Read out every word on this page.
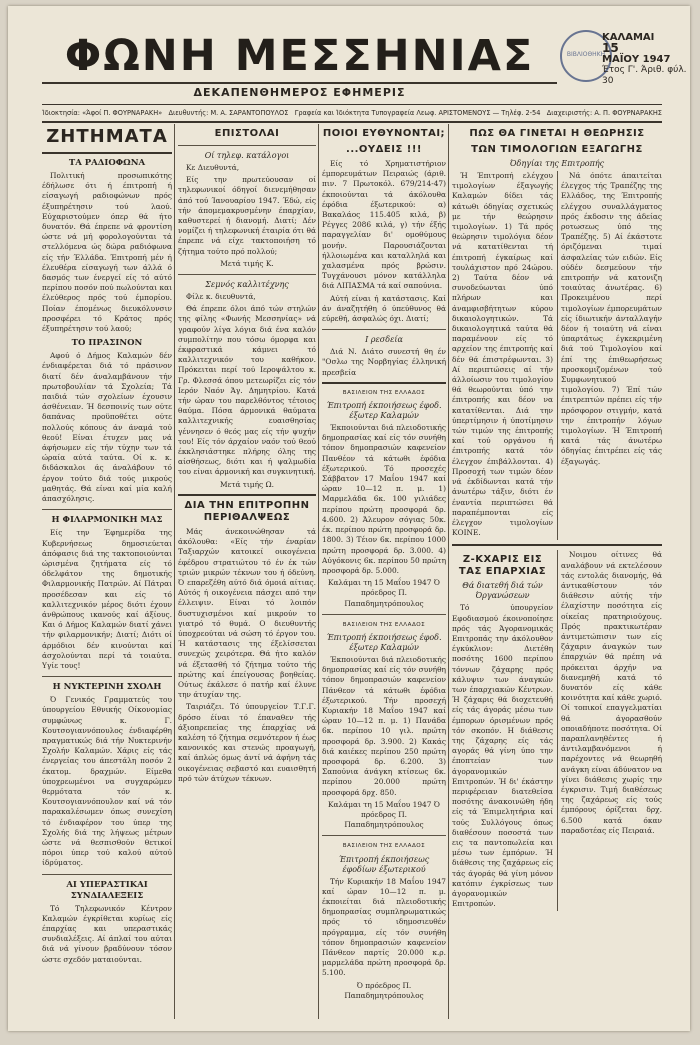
ΦΩΝΗ ΜΕΣΣΗΝΙΑΣ
ΔΕΚΑΠΕΝΘΗΜΕΡΟΣ ΕΦΗΜΕΡΙΣ
ΒΙΒΛΙΟΘΗΚΗ
ΚΑΛΑΜΑΙ
15
ΜΑΪΟΥ 1947
Έτος Γ'. Άριθ. φύλ. 30
Ίδιοκτησία: «Άφοί Π. ΦΟΥΡΝΑΡΑΚΗ» Διευθυντής: Μ. Α. ΣΑΡΑΝΤΟΠΟΥΛΟΣ Γραφεία και Ίδιόκτητα Τυπογραφεία Λεωφ. ΑΡΙΣΤΟΜΕΝΟΥΣ — Τηλέφ. 2-54 Διαχειριστής: Α. Π. ΦΟΥΡΝΑΡΑΚΗΣ
ΖΗΤΗΜΑΤΑ
ΤΑ ΡΑΔΙΟΦΩΝΑ

Πολιτική προσωπικότης έδήλωσε ότι ή έπιτροπή ή είσαγωγή ραδιοφώνων πρός έξυπηρέτησιν τού λαού. Εύχαριστούμεν όπερ θά ήτο δυνατόν. Θά έπρεπε νά φροντίση ώστε νά μή φορολογούνται τά στελλόμενα ώς δώρα ραδιόφωνα είς τήν Έλλάδα. Έπιτροπή μέν ή έλευθέρα είσαγωγή των άλλά ό δασμός των ένεργεί είς τό αύτό περίπου ποσόν πού πωλούνται και έλεύθερος πρός τού έμπορίου. Ποίαν έπομένως διευκόλυνσιν προσφέρει τό Κράτος πρός έξυπηρέτησιν τού λαού;

ΤΟ ΠΡΑΣΙΝΟΝ

Αφού ό Δήμος Καλαμών δέν ένδιαφέρεται διά τό πράσινον διατί δέν άναλαμβάνουν τήν πρωτοβουλίαν τά Σχολεία; Τά παιδιά τών σχολείων έχουσιν άσθένειαν. Ή δεσποινίς των ούτε δαπάνας προϋποθέτει ούτε πολλούς κόπους άν άναμά τού θεού! Είναι έτυχεν μας νά άφήσωμεν είς τήν τύχην των τά ώραία αύτά ταύτα. Οί κ. κ. διδάσκαλοι άς άναλάβουν τό έργον τούτο διά τούς μικρούς μαθητάς. Θά είναι καί μία καλή άπασχόλησις.

Η ΦΙΛΑΡΜΟΝΙΚΗ ΜΑΣ

Είς την Έφημερίδα της Κυβερνήσεως δημοσιεύεται άπόφασις διά της τακτοποιούνται ώρισμένα ζητήματα είς τό όδελφάτον της δημοτικής Φιλαρμονικής Πατρών. Αί Πάτραι προσέδεσαν και είς τό καλλιτεχνικόν μέρος διότι έχουν άνθρώπους ικανούς καί άξίους. Και ό Δήμος Καλαμών διατί χάνει τήν φιλαρμονικήν; Διατί; Διότι οί άρμόδιοι δέν κινούνται καί άσχολούνται περί τά τοιαύτα. Υγίε τους!

Η ΝΥΚΤΕΡΙΝΗ ΣΧΟΛΗ

Ό Γενικός Γραμματεύς του ύπουργείου Εθνικής Οίκονομίας συμφώνως κ. Γ. Κουτσογιαννόπουλος ένδιαφέρθη πραγματικώς διά τήν Νυκτερινήν Σχολήν Καλαμών. Χάρις είς τάς ένεργείας του άπεστάλη ποσόν 2 έκατομ. δραχμών. Είμεθα ύποχρεωμένοι να συγχαρώμεν θερμότατα τόν κ. Κουτσογιαννόπουλον καί νά τόν παρακαλέσωμεν όπως συνεχίση τό ένδιαφέρον του ύπερ της Σχολής διά της λήψεως μέτρων ώστε νά θεσπισθούν θετικοί πόροι ύπερ τού καλού αύτού ίδρύματος.

ΑΙ ΥΠΕΡΑΣΤΙΚΑΙ ΣΥΝΔΙΑΛΕΞΕΙΣ

Τό Τηλεφωνικόν Κέντρον Καλαμών έγκρίθεται κυρίως είς έπαρχίας και υπεραστικάς συνδιαλέξεις. Αί άπλαί του αύται διά νά γίνουν βραδύνουν τόσον ώστε σχεδόν ματαιούνται.

ΕΠΙΣΤΟΛΑΙ
Οί τηλεφ. κατάλογοι

Κε Διευθυντά,

Είς την πρωτεύουσαν οί τηλεφωνικοί όδηγοί διενεμήθησαν άπό τού Ίανουαρίου 1947. Έδώ, είς τήν άπομεμακρυσμένην έπαρχίαν, καθυστερεί ή διανομή. Διατί; Δέν νομίζει ή τηλεφωνική έταιρία ότι θά έπρεπε νά είχε τακτοποιήση τό ζήτημα τούτο πρό πολλού;

Μετά τιμής Κ.

Σεμνός καλλιτέχνης

Φίλε κ. διευθυντά,

Θά έπρεπε όλοι άπό τών στηλών της φίλης «Φωνής Μεσσηνίας» νά γραφούν λίγα λόγια διά ένα καλόν συμπολίτην που τόσω όμορφα και έκφραστικά κάμνει τό καλλιτεχνικόν του καθήκον. Πρόκειται περί τού Ιεροψάλτου κ. Γρ. Φλεσσά όπου μετεωρίζει είς τόν Ιερόν Ναόν Άγ. Δημητρίου. Κατά τήν ώραν του παρελθόντος τέτοιος θαύμα. Πόσα άρμονικά θαύματα καλλιτεχνικής ευαισθησίας γέννησεν ό θεός μας είς τήν ψυχήν του! Είς τόν άρχαίον ναόν τού θεού έκκλησιάστηκε πλήρης όλης της αίσθήσεως, διότι και ή ψαλμωδία του είναι άρμονική και συγκινητική.

Μετά τιμής Ω.

ΔΙΑ ΤΗΝ ΕΠΙΤΡΟΠΗΝ ΠΕΡΙΘΑΛΨΕΩΣ

Μάς άνεκοινώθησαν τά άκόλουθα: «Είς τήν έναρίαν Ταξιαρχών κατοικεί οικογένεια έφέδρου στρατιώτου τό έν έκ τών τριών μικρών τέκνων του ή όδεύνη. Ό επαρεζέθη αύτό διά όμοιά αίτιας. Αύτός ή οικογένεια πάσχει από την έλλειψιν. Είναι τό λοιπόν δυστυχισμένοι καί μικρούν το γιατρό τό θυμά. Ο διευθυντής ύποχρεούται νά σώση τό έργον του. Ή κατάστασις της έξελίσσεται συνεχώς χειρότερα. Θά ήτο καλόν νά έξετασθή τό ζήτημα τούτο τής πρώτης καί έπείγουσας βοηθείας. Ούτως έκάλεσε ό πατήρ καί έλυνε την άτυχίαν της.

Ταιριάζει. Τό ύπουργείον Τ.Γ.Γ. δρόσο έίναι τό έπαναθεν τής άξιοπρεπείας της έπαρχίας νά καλέση τό ζήτημα σεμνότερον ή έως κανονικός και στενώς προαγωγή, καί άπλώς όμως άντί νά άφήνη τάς οικογένειας σεβαστό και ευαισθητή πρό τών άτύχων τέκνων.

ΠΟΙΟΙ ΕΥΘΥΝΟΝΤΑΙ;
...ΟΥΔΕΙΣ !!!

Είς τό Χρηματιστήριον έμπορευμάτων Πειραιώς (άριθ. πιν. 7 Πρωτοκόλ. 679/214-47) έκποιούνται τά άκόλουθα έφόδια έξωτερικού: α) Βακαλάος 115.405 κιλά, β) Ρέγγες 2086 κιλά, γ) τήν έξής παραγγελίαν δι' ομοθύμους μονήν. Παρουσιάζονται ήλλοιωμένα και καταλληλά και χαλασμένα πρός βρώσιν. Τυγχάνουσι μόνον κατάλληλα διά ΛΙΠΑΣΜΑ τά καί σαπούνια.

Αύτή είναι ή κατάστασις. Καί άν άναζητήθη ό ύπεύθυνος θά εύρεθή, άσφαλώς όχι. Διατί;

Ι ρεσδεία

Διά Ν. Διάτο συνεστή θη έν "Οσλω της Νορβηγίας έλληνική πρεσβεία

ΒΑΣΙΛΕΙΟΝ ΤΗΣ ΕΛΛΑΔΟΣ
Έπιτροπή έκποιήσεως έφοδ. έξωτερ Καλαμών

Έκποιούνται διά πλειοδοτικής δημοπρασίας καί είς τόν συνήθη τόπον δημοπρασιών καφενείον Πανθέον τά κάτωθι έφόδια έξωτερικού. Τό προσεχές Σάββατον 17 Μαΐου 1947 καί ώραν 10—12 π. μ. 1) Μαρμελάδα 6κ. 100 γιλιάδες περίπου πρώτη προσφορά δρ. 4.600. 2) Άλευρον σόγιας 50κ. έκ. περίπου πρώτη προσφορά δρ. 1800. 3) Τέιον 6κ. περίπου 1000 πρώτη προσφορά δρ. 3.000. 4) Αύγόκονις 6κ. περίπου 50 πρώτη προσφορά δρ. 5.000.

Καλάμαι τη 15 Μαΐου 1947 Ό πρόεδρος Π. Παπαδημητρόπουλος

ΒΑΣΙΛΕΙΟΝ ΤΗΣ ΕΛΛΑΔΟΣ
Έπιτροπή έκποιήσεως έφοδ. έξωτερ Καλαμών

Έκποιούνται διά πλειοδοτικής δημοπρασίας καί είς τόν συνήθη τόπον δημοπρασιών καφενείον Πάνθεον τά κάτωθι έφόδια έξωτερικού. Τήν προσεχή Κυριακήν 18 Μαΐου 1947 καί ώραν 10—12 π. μ. 1) Πανάδα 6κ. περίπου 10 γιλ. πρώτη προσφορά δρ. 3.900. 2) Κακάς διά καιέκες περίπου 250 πρώτη προσφορά δρ. 6.200. 3) Σαπούνια άνάγκη κτίσεως 6κ. περίπου 20.000 πρώτη προσφορά δρχ. 850.

Καλάμαι τη 15 Μαΐου 1947 Ό πρόεδρος Π. Παπαδημητρόπουλος

ΒΑΣΙΛΕΙΟΝ ΤΗΣ ΕΛΛΑΔΟΣ
Έπιτροπή έκποιήσεως έφοδίων έξωτερικού

Τήν Κυριακήν 18 Μαΐου 1947 καί ώραν 10—12 π. μ. έκποιείται διά πλειοδοτικής δημοπρασίας συμπληρωματικώς πρός τό ιδημοσιευθέν πρόγραμμα, είς τόν συνήθη τόπον δημοπρασιών καφενείον Πάνθεον παρτίς 20.000 κ.ρ. μαρμελάδα πρώτη προσφορά δρ. 5.100.

Ό πρόεδρος Π. Παπαδημητρόπουλος

ΠΩΣ ΘΑ ΓΙΝΕΤΑΙ Η ΘΕΩΡΗΣΙΣ
ΤΩΝ ΤΙΜΟΛΟΓΙΩΝ ΕΞΑΓΩΓΗΣ
Όδηγίαι της Επιτροπής

Ή Έπιτροπή ελέγχου τιμολογίων έξαγωγής Καλαμών δίδει τάς κάτωθι όδηγίας σχετικώς με τήν θεώρησιν τιμολογίων. 1) Τά πρός θεώρησιν τιμολόγια δέον νά κατατίθενται τή έπιτροπή έγκαίρως καί τουλάχιστον πρό 24ώρου. 2) Ταύτα δέον νά συνοδεύωνται ύπό πλήρων και άναμφισβήτητων κύρου δικαιολογητικών. Τά δικαιολογητικά ταύτα θά παραμένουν είς τό αρχείον της έπιτροπής καί δέν θά έπιστρέφωνται. 3) Αί περιπτώσεις αί τήν άλλοίωσιν του τιμολογίου θά θεωρούνται ύπό την έπιτροπής και δέον να κατατίθενται. Διά την ύπερτίμησιν ή ύποτίμησιν τών τιμών της έπιτροπής καί τού οργάνου ή έπιτροπής κατά τόν έλεγχον έπιβάλλονται. 4) Προσοχή των τιμών δέον νά έκδίδωνται κατά τήν άνωτέρω τάξιν, διότι έν έναντία περιπτώσει θά παραπέμπονται είς έλεγχον τιμολογίων ΚΟΙΝΕ.

Νά όπότε άπαιτείται έλεγχος τής Τραπέζης της Ελλάδος, της Έπιτροπής ελέγχου συναλλάγματος πρός έκδοσιν της άδείας ροτωσεως ύπό της Τραπέζης. 5) Αί έκάστοτε όριζόμεναι τιμαί άσφαλείας τών ειδών. Είς ούδέν δεσμεύουν τήν επιτροπήν νά κατονιζη τοιαύτας άνωτέρας. 6) Προκειμένου περί τιμολογίων έμπορευμάτων είς ίδιωτικήν άνταλλαγήν δέον ή τοιαύτη νά είναι ύπαρτάτως έγκεκριμένη διά τού Τιμολογίου καί έπί της έπιθεωρήσεως προσκομιζομένων τού Συμφωνητικού τιμολογίου. 7) Έπί τών έπιτρεπτών πρέπει είς τήν πρόσφορον στιγμήν, κατά την έπιτροπήν λόγων τιμολογίων. Ή Έπιτροπή κατά τάς άνωτέρω όδηγίας έπιτρέπει είς τάς έξαγωγάς.

Ζ-ΚΧΑΡΙΣ ΕΙΣ ΤΑΣ ΕΠΑΡΧΙΑΣ
Θά διατεθή διά τών Όργανώσεων

Τό ύπουργείον Εφοδιασμού έκοινοποίησε πρός τάς Άγορανομικάς Επιτροπάς την άκόλουθον έγκύκλιον: Διετέθη ποσότης 1600 περίπου τόννων ζάχαρης πρός κάλυψιν των άναγκών των έπαρχιακών Κέντρων. Ή ζάχαρις θά διοχετευθή είς τάς άγοράς μέσω των έμπορων όρισμένων πρός τόν σκοπόν. Η διάθεσις της ζάχαρης είς τάς αγοράς θά γίνη ύπο την έποπτείαν των άγορανομικών Επιτροπών. Ή δι' έκάστην περιφέρειαν διατεθείσα ποσότης άνακοινώθη ήδη είς τά Έπιμελητήρια καί τούς Συλλόγους όπως διαθέσουν ποσοστά των εις τα παντοπωλεία και μέσω των έμπόρων. Ή διάθεσις της ζαχάρεως είς τάς άγοράς θά γίνη μόνον κατόπιν έγκρίσεως των άγορανομικών Επιτροπών.

Νοιμου οίτινες θά αναλάβουν νά εκτελέσουν τάς εντολάς διανομής, θά άντικαθίστουν τόν διάθεσιν αύτής τήν έλαχίστην ποσότητα είς οίκείας πρατηριούχους. Πρός πρακτικωτέραν άντιμετώπισιν των είς ζάχαριν άναγκών των έπαρχιών θά πρέπη νά πρόκειται άρχήν να διανεμηθή κατά τό δυνατόν είς κάθε κοινότητα καί κάθε χωριό. Οί τοπικοί επαγγελματίαι θά άγορασθούν οποιαδήποτε ποσότητα. Οί παραπλανηθέντες ή άντιλαμβανόμενοι ή παρέχοντες νά θεωρηθή ανάγκη είναι άδύνατον να γίνει διάθεσις χωρίς την έγκρισιν. Τιμή διαθέσεως της ζαχάρεως είς τούς έμπόρους όρίζεται δρχ. 6.500 κατά όκαν παραδοτέας είς Πειραιά.
